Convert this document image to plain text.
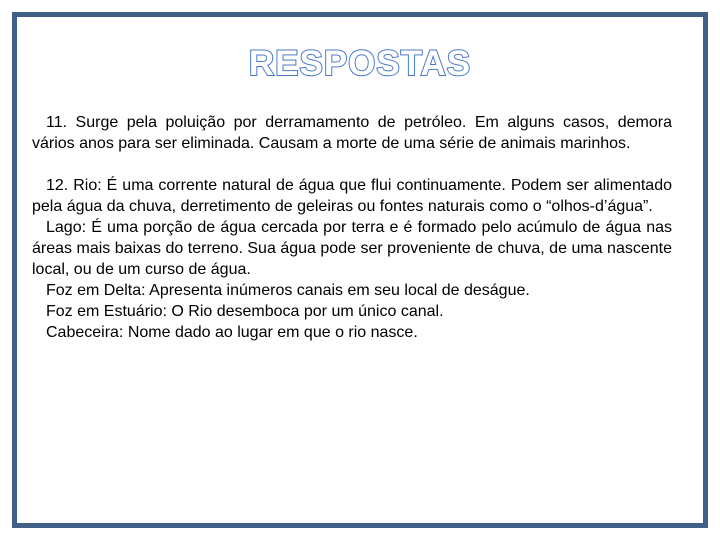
RESPOSTAS

11. Surge pela poluição por derramamento de petróleo. Em alguns casos, demora vários anos para ser eliminada. Causam a morte de uma série de animais marinhos.

12. Rio: É uma corrente natural de água que flui continuamente. Podem ser alimentado pela água da chuva, derretimento de geleiras ou fontes naturais como o “olhos-d’água”.

Lago: É uma porção de água cercada por terra e é formado pelo acúmulo de água nas áreas mais baixas do terreno. Sua água pode ser proveniente de chuva, de uma nascente local, ou de um curso de água.

Foz em Delta: Apresenta inúmeros canais em seu local de deságue.

Foz em Estuário: O Rio desemboca por um único canal.

Cabeceira: Nome dado ao lugar em que o rio nasce.
